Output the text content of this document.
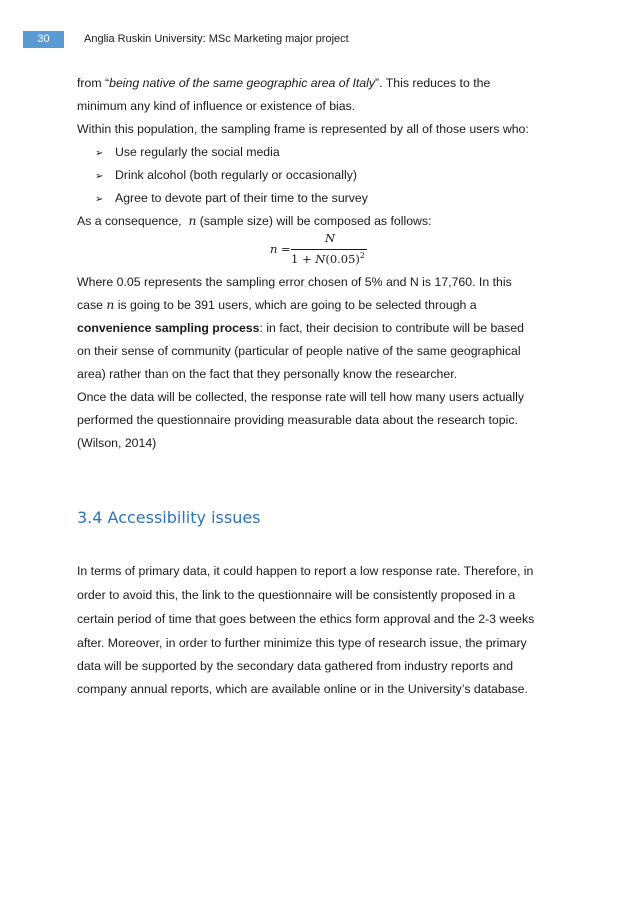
30	Anglia Ruskin University: MSc Marketing major project
from “being native of the same geographic area of Italy”. This reduces to the
minimum any kind of influence or existence of bias.
Within this population, the sampling frame is represented by all of those users who:
➢ Use regularly the social media
➢ Drink alcohol (both regularly or occasionally)
➢ Agree to devote part of their time to the survey
As a consequence, n (sample size) will be composed as follows:
n =
N
$1 + N(0.05)^2$
Where 0.05 represents the sampling error chosen of 5% and N is 17,760. In this
case n is going to be 391 users, which are going to be selected through a
convenience sampling process: in fact, their decision to contribute will be based
on their sense of community (particular of people native of the same geographical
area) rather than on the fact that they personally know the researcher.
Once the data will be collected, the response rate will tell how many users actually
performed the questionnaire providing measurable data about the research topic.
(Wilson, 2014)
3.4 Accessibility issues
In terms of primary data, it could happen to report a low response rate. Therefore, in
order to avoid this, the link to the questionnaire will be consistently proposed in a
certain period of time that goes between the ethics form approval and the 2-3 weeks
after. Moreover, in order to further minimize this type of research issue, the primary
data will be supported by the secondary data gathered from industry reports and
company annual reports, which are available online or in the University’s database.
